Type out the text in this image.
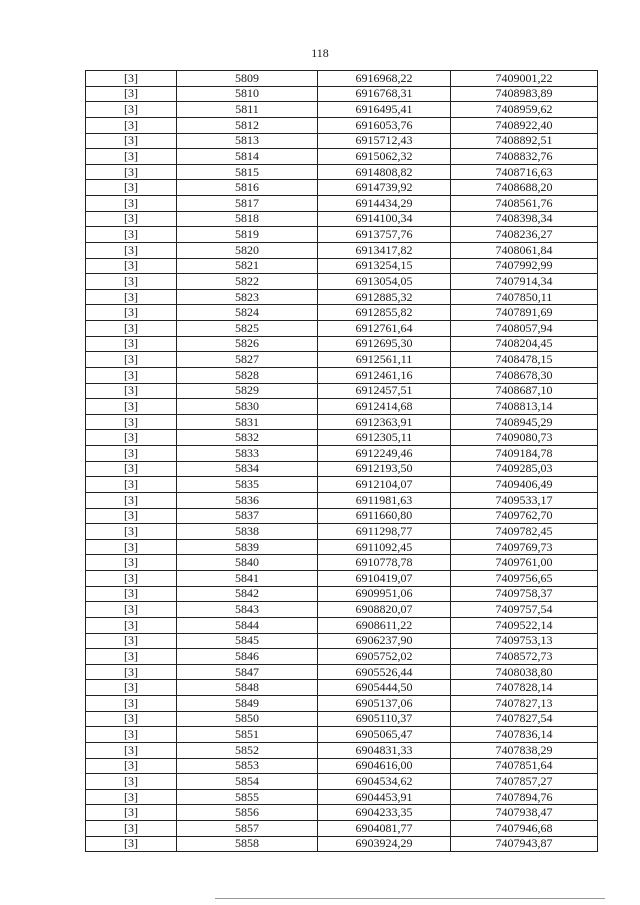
118
[3]	5809	6916968,22	7409001,22
[3]	5810	6916768,31	7408983,89
[3]	5811	6916495,41	7408959,62
[3]	5812	6916053,76	7408922,40
[3]	5813	6915712,43	7408892,51
[3]	5814	6915062,32	7408832,76
[3]	5815	6914808,82	7408716,63
[3]	5816	6914739,92	7408688,20
[3]	5817	6914434,29	7408561,76
[3]	5818	6914100,34	7408398,34
[3]	5819	6913757,76	7408236,27
[3]	5820	6913417,82	7408061,84
[3]	5821	6913254,15	7407992,99
[3]	5822	6913054,05	7407914,34
[3]	5823	6912885,32	7407850,11
[3]	5824	6912855,82	7407891,69
[3]	5825	6912761,64	7408057,94
[3]	5826	6912695,30	7408204,45
[3]	5827	6912561,11	7408478,15
[3]	5828	6912461,16	7408678,30
[3]	5829	6912457,51	7408687,10
[3]	5830	6912414,68	7408813,14
[3]	5831	6912363,91	7408945,29
[3]	5832	6912305,11	7409080,73
[3]	5833	6912249,46	7409184,78
[3]	5834	6912193,50	7409285,03
[3]	5835	6912104,07	7409406,49
[3]	5836	6911981,63	7409533,17
[3]	5837	6911660,80	7409762,70
[3]	5838	6911298,77	7409782,45
[3]	5839	6911092,45	7409769,73
[3]	5840	6910778,78	7409761,00
[3]	5841	6910419,07	7409756,65
[3]	5842	6909951,06	7409758,37
[3]	5843	6908820,07	7409757,54
[3]	5844	6908611,22	7409522,14
[3]	5845	6906237,90	7409753,13
[3]	5846	6905752,02	7408572,73
[3]	5847	6905526,44	7408038,80
[3]	5848	6905444,50	7407828,14
[3]	5849	6905137,06	7407827,13
[3]	5850	6905110,37	7407827,54
[3]	5851	6905065,47	7407836,14
[3]	5852	6904831,33	7407838,29
[3]	5853	6904616,00	7407851,64
[3]	5854	6904534,62	7407857,27
[3]	5855	6904453,91	7407894,76
[3]	5856	6904233,35	7407938,47
[3]	5857	6904081,77	7407946,68
[3]	5858	6903924,29	7407943,87
